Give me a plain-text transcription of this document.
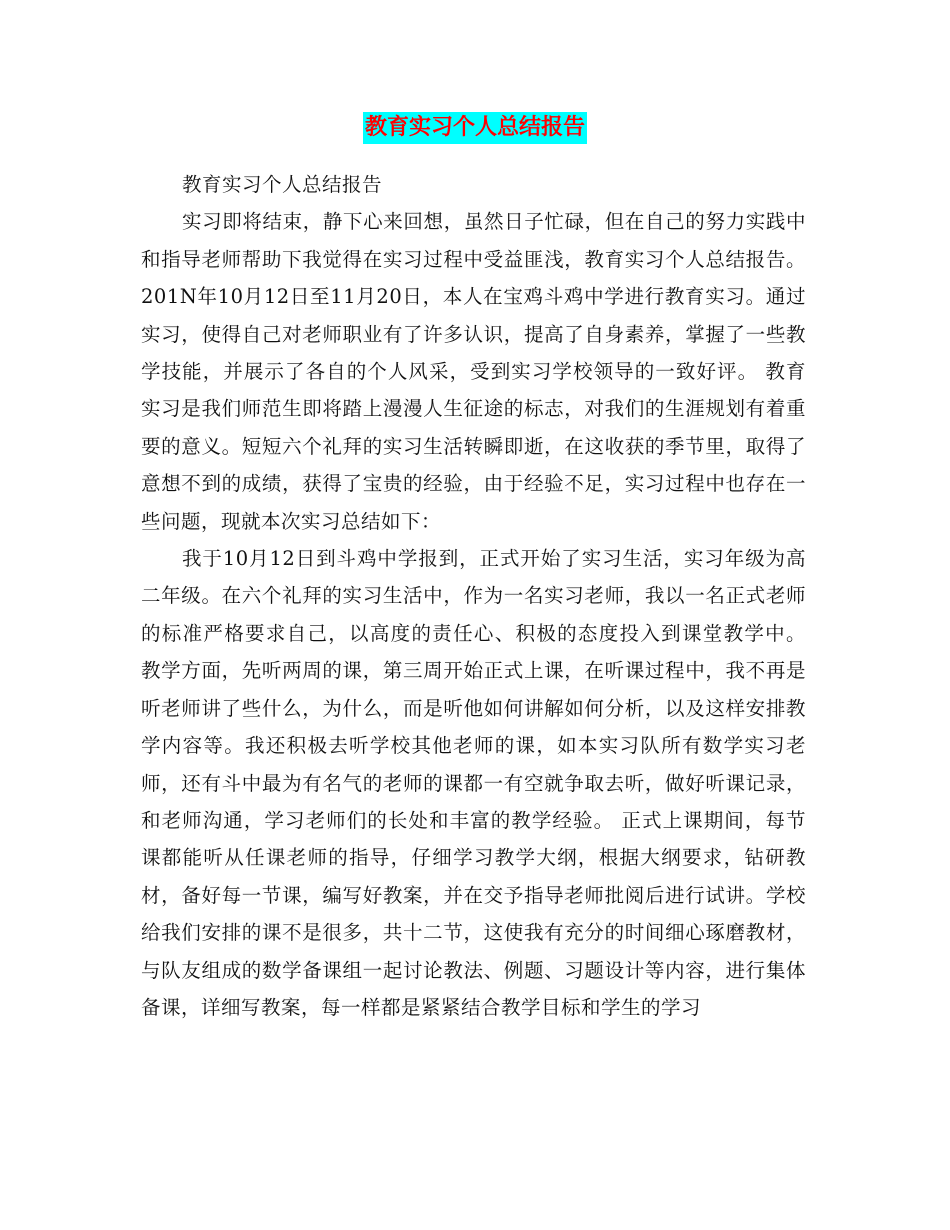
教育实习个人总结报告

教育实习个人总结报告

实习即将结束，静下心来回想，虽然日子忙碌，但在自己的努力实践中和指导老师帮助下我觉得在实习过程中受益匪浅，教育实习个人总结报告。 201N年10月12日至11月20日，本人在宝鸡斗鸡中学进行教育实习。通过实习，使得自己对老师职业有了许多认识，提高了自身素养，掌握了一些教学技能，并展示了各自的个人风采，受到实习学校领导的一致好评。 教育实习是我们师范生即将踏上漫漫人生征途的标志，对我们的生涯规划有着重要的意义。短短六个礼拜的实习生活转瞬即逝，在这收获的季节里，取得了意想不到的成绩，获得了宝贵的经验，由于经验不足，实习过程中也存在一些问题，现就本次实习总结如下：

我于10月12日到斗鸡中学报到，正式开始了实习生活，实习年级为高二年级。在六个礼拜的实习生活中，作为一名实习老师，我以一名正式老师的标准严格要求自己，以高度的责任心、积极的态度投入到课堂教学中。 教学方面，先听两周的课，第三周开始正式上课，在听课过程中，我不再是听老师讲了些什么，为什么，而是听他如何讲解如何分析，以及这样安排教学内容等。我还积极去听学校其他老师的课，如本实习队所有数学实习老师，还有斗中最为有名气的老师的课都一有空就争取去听，做好听课记录，和老师沟通，学习老师们的长处和丰富的教学经验。 正式上课期间，每节课都能听从任课老师的指导，仔细学习教学大纲，根据大纲要求，钻研教材，备好每一节课，编写好教案，并在交予指导老师批阅后进行试讲。学校给我们安排的课不是很多，共十二节，这使我有充分的时间细心琢磨教材，与队友组成的数学备课组一起讨论教法、例题、习题设计等内容，进行集体备课，详细写教案，每一样都是紧紧结合教学目标和学生的学习
